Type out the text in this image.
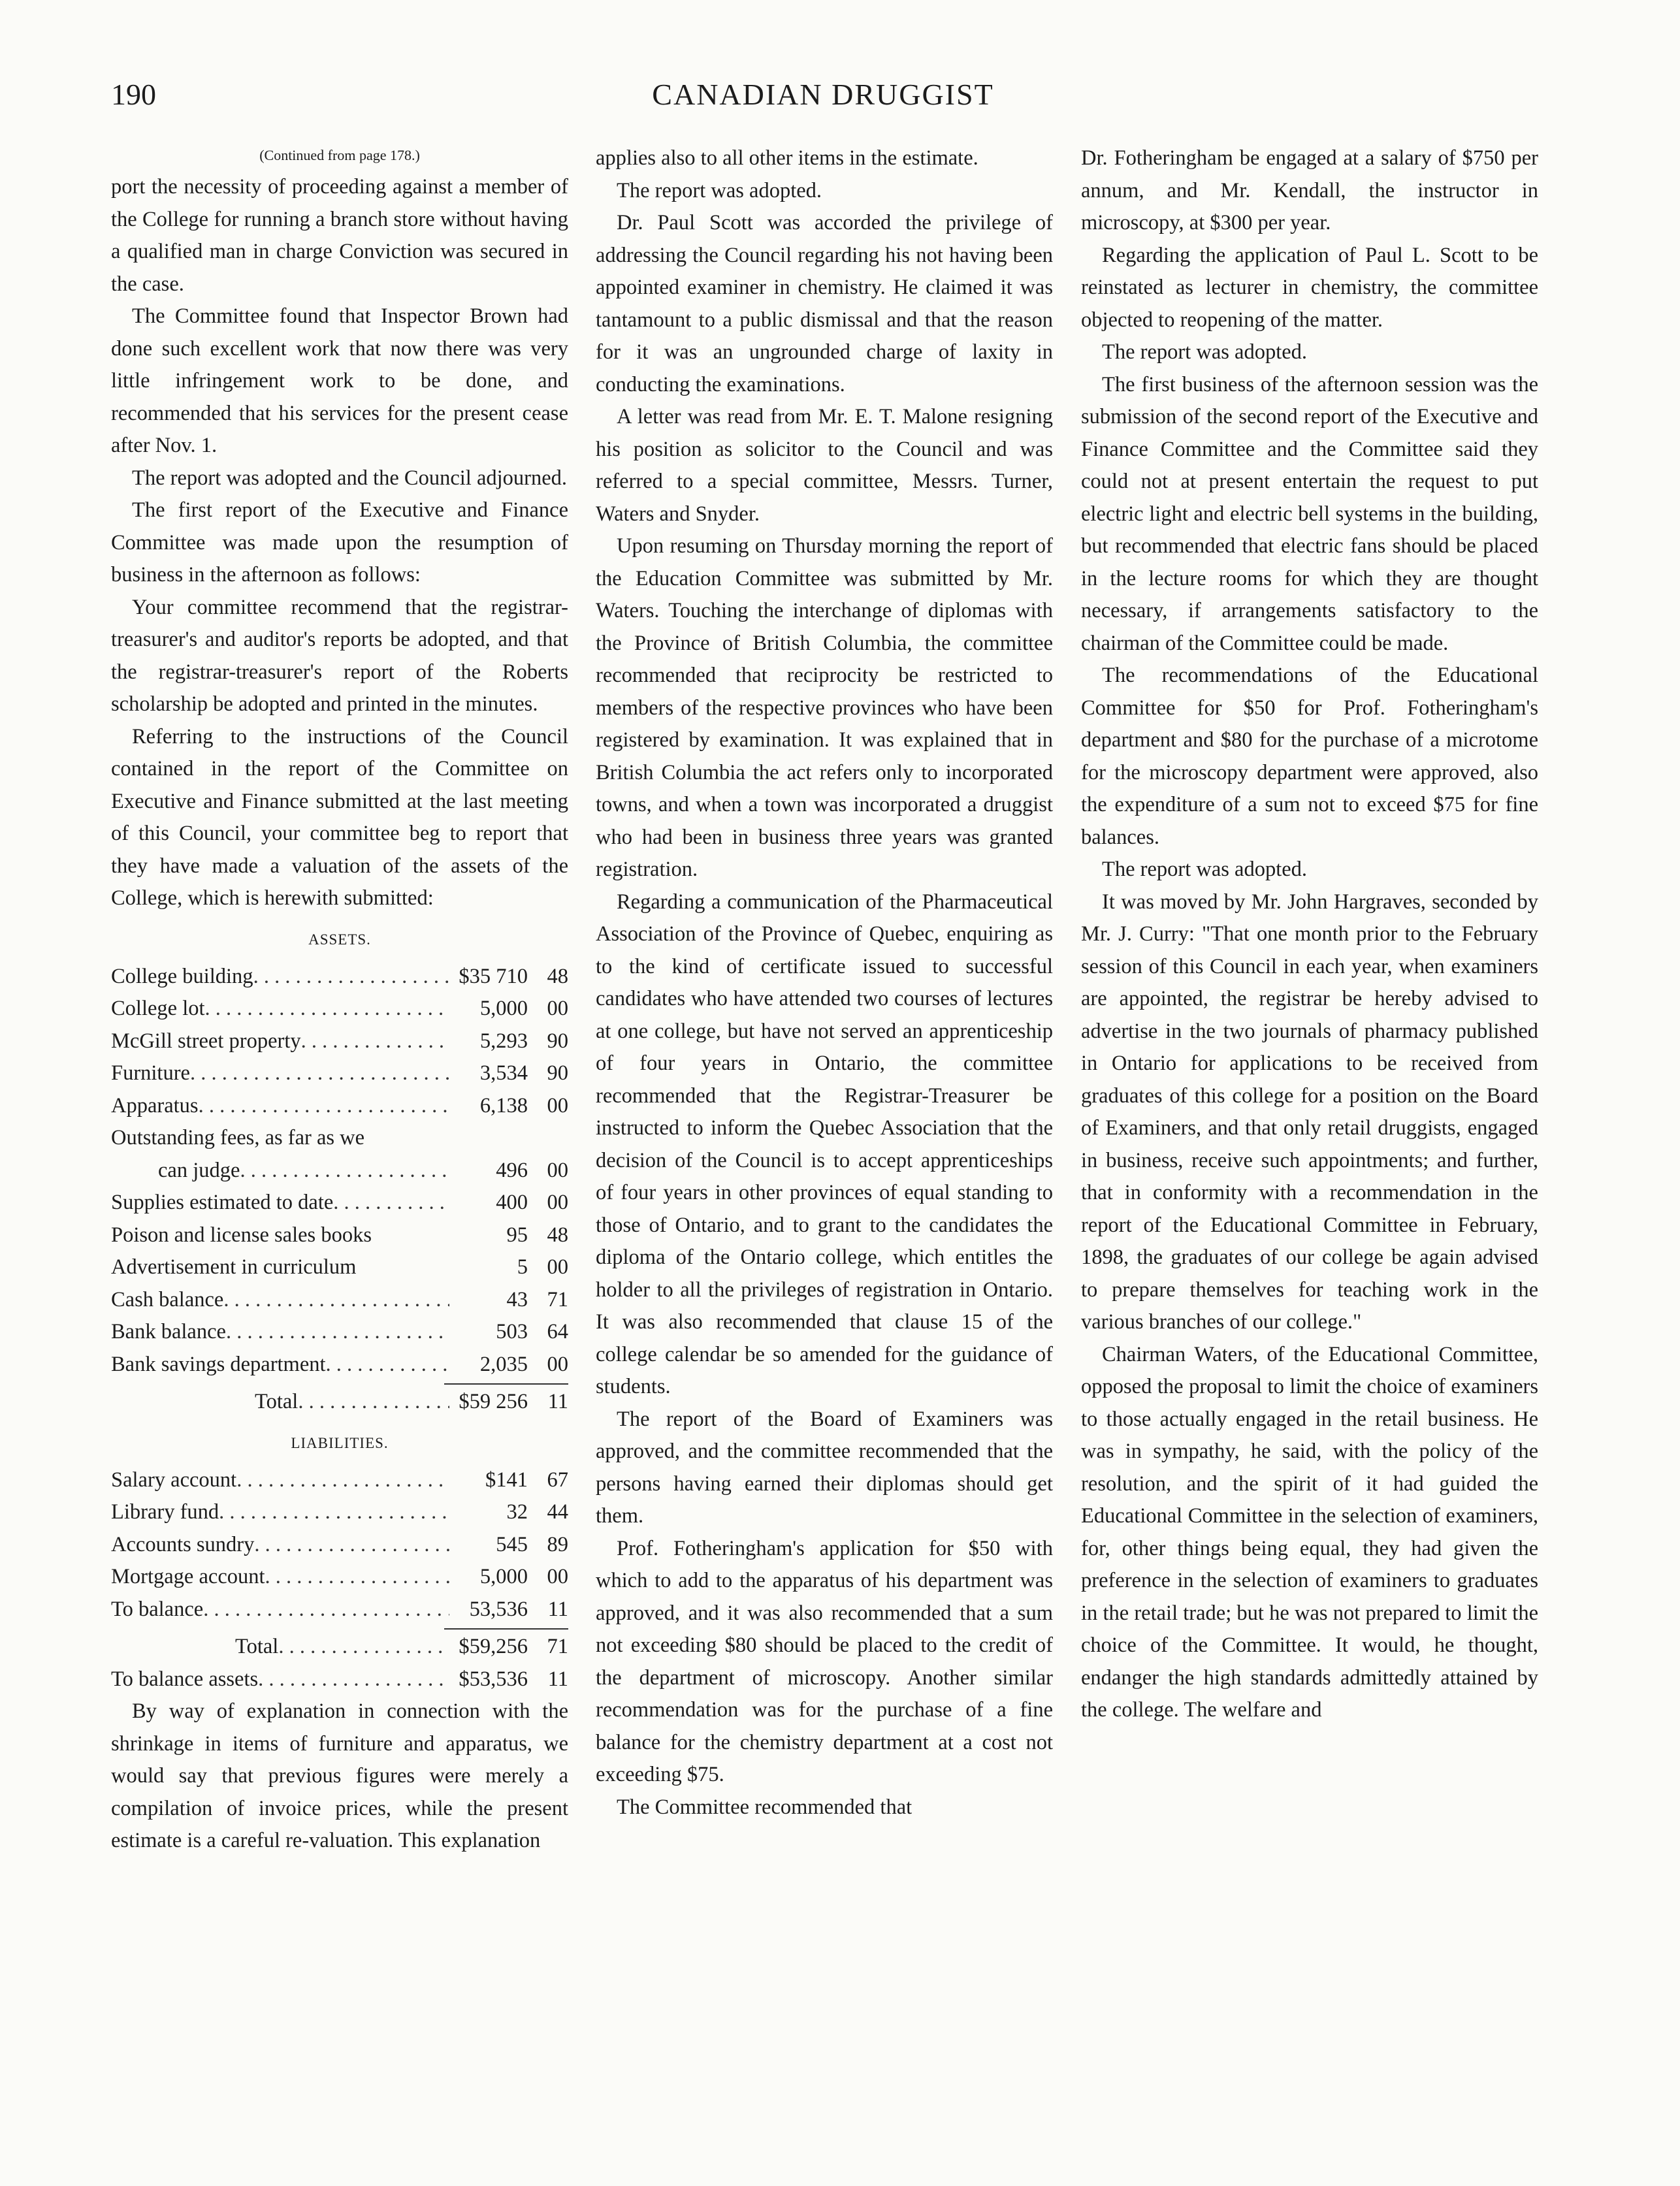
190	CANADIAN DRUGGIST
(Continued from page 178.)

port the necessity of proceeding against a member of the College for running a branch store without having a qualified man in charge Conviction was secured in the case.

The Committee found that Inspector Brown had done such excellent work that now there was very little infringement work to be done, and recommended that his services for the present cease after Nov. 1.

The report was adopted and the Council adjourned.

The first report of the Executive and Finance Committee was made upon the resumption of business in the afternoon as follows:

Your committee recommend that the registrar-treasurer's and auditor's reports be adopted, and that the registrar-treasurer's report of the Roberts scholarship be adopted and printed in the minutes.

Referring to the instructions of the Council contained in the report of the Committee on Executive and Finance submitted at the last meeting of this Council, your committee beg to report that they have made a valuation of the assets of the College, which is herewith submitted:

ASSETS.
College building . . .	$35 710 48
College lot . . .	5,000 00
McGill street property . . .	5,293 90
Furniture . . .	3,534 90
Apparatus . . .	6,138 00
Outstanding fees, as far as we
can judge . . .	496 00
Supplies estimated to date . . .	400 00
Poison and license sales books	95 48
Advertisement in curriculum	5 00
Cash balance . . .	43 71
Bank balance . . .	503 64
Bank savings department . . .	2,035 00
Total . . .	$59 256 11
LIABILITIES.
Salary account . . .	$141 67
Library fund . . .	32 44
Accounts sundry . . .	545 89
Mortgage account . . .	5,000 00
To balance . . .	53,536 11
Total . . .	$59,256 71
To balance assets . . .	$53,536 11

By way of explanation in connection with the shrinkage in items of furniture and apparatus, we would say that previous figures were merely a compilation of invoice prices, while the present estimate is a careful re-valuation. This explanation

applies also to all other items in the estimate.

The report was adopted.

Dr. Paul Scott was accorded the privilege of addressing the Council regarding his not having been appointed examiner in chemistry. He claimed it was tantamount to a public dismissal and that the reason for it was an ungrounded charge of laxity in conducting the examinations.

A letter was read from Mr. E. T. Malone resigning his position as solicitor to the Council and was referred to a special committee, Messrs. Turner, Waters and Snyder.

Upon resuming on Thursday morning the report of the Education Committee was submitted by Mr. Waters. Touching the interchange of diplomas with the Province of British Columbia, the committee recommended that reciprocity be restricted to members of the respective provinces who have been registered by examination. It was explained that in British Columbia the act refers only to incorporated towns, and when a town was incorporated a druggist who had been in business three years was granted registration.

Regarding a communication of the Pharmaceutical Association of the Province of Quebec, enquiring as to the kind of certificate issued to successful candidates who have attended two courses of lectures at one college, but have not served an apprenticeship of four years in Ontario, the committee recommended that the Registrar-Treasurer be instructed to inform the Quebec Association that the decision of the Council is to accept apprenticeships of four years in other provinces of equal standing to those of Ontario, and to grant to the candidates the diploma of the Ontario college, which entitles the holder to all the privileges of registration in Ontario. It was also recommended that clause 15 of the college calendar be so amended for the guidance of students.

The report of the Board of Examiners was approved, and the committee recommended that the persons having earned their diplomas should get them.

Prof. Fotheringham's application for $50 with which to add to the apparatus of his department was approved, and it was also recommended that a sum not exceeding $80 should be placed to the credit of the department of microscopy. Another similar recommendation was for the purchase of a fine balance for the chemistry department at a cost not exceeding $75.

The Committee recommended that

Dr. Fotheringham be engaged at a salary of $750 per annum, and Mr. Kendall, the instructor in microscopy, at $300 per year.

Regarding the application of Paul L. Scott to be reinstated as lecturer in chemistry, the committee objected to reopening of the matter.

The report was adopted.

The first business of the afternoon session was the submission of the second report of the Executive and Finance Committee and the Committee said they could not at present entertain the request to put electric light and electric bell systems in the building, but recommended that electric fans should be placed in the lecture rooms for which they are thought necessary, if arrangements satisfactory to the chairman of the Committee could be made.

The recommendations of the Educational Committee for $50 for Prof. Fotheringham's department and $80 for the purchase of a microtome for the microscopy department were approved, also the expenditure of a sum not to exceed $75 for fine balances.

The report was adopted.

It was moved by Mr. John Hargraves, seconded by Mr. J. Curry: "That one month prior to the February session of this Council in each year, when examiners are appointed, the registrar be hereby advised to advertise in the two journals of pharmacy published in Ontario for applications to be received from graduates of this college for a position on the Board of Examiners, and that only retail druggists, engaged in business, receive such appointments; and further, that in conformity with a recommendation in the report of the Educational Committee in February, 1898, the graduates of our college be again advised to prepare themselves for teaching work in the various branches of our college."

Chairman Waters, of the Educational Committee, opposed the proposal to limit the choice of examiners to those actually engaged in the retail business. He was in sympathy, he said, with the policy of the resolution, and the spirit of it had guided the Educational Committee in the selection of examiners, for, other things being equal, they had given the preference in the selection of examiners to graduates in the retail trade; but he was not prepared to limit the choice of the Committee. It would, he thought, endanger the high standards admittedly attained by the college. The welfare and
